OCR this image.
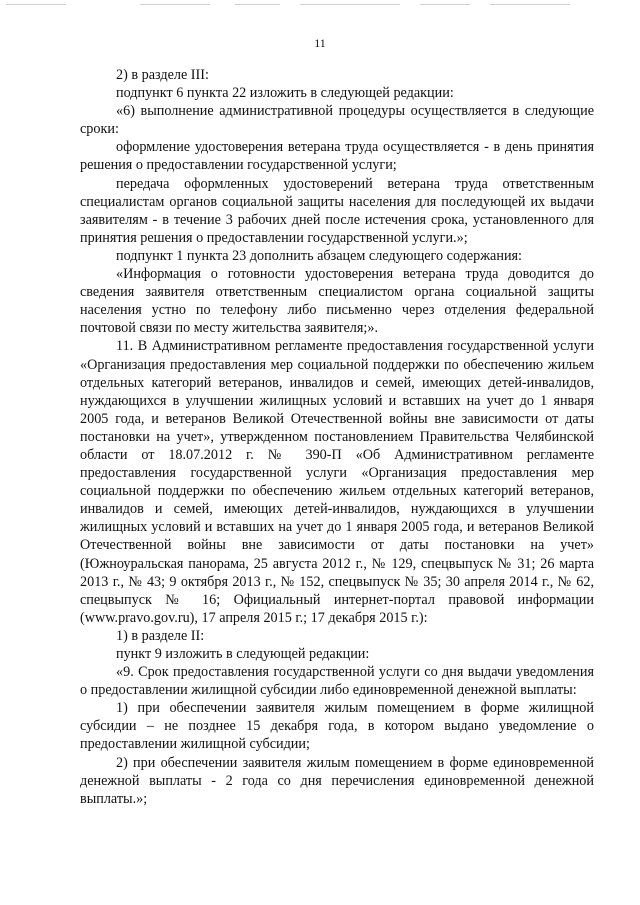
11

2) в разделе III:

подпункт 6 пункта 22 изложить в следующей редакции:

«6) выполнение административной процедуры осуществляется в следующие сроки:

оформление удостоверения ветерана труда осуществляется - в день принятия решения о предоставлении государственной услуги;

передача оформленных удостоверений ветерана труда ответственным специалистам органов социальной защиты населения для последующей их выдачи заявителям - в течение 3 рабочих дней после истечения срока, установленного для принятия решения о предоставлении государственной услуги.»;

подпункт 1 пункта 23 дополнить абзацем следующего содержания:

«Информация о готовности удостоверения ветерана труда доводится до сведения заявителя ответственным специалистом органа социальной защиты населения устно по телефону либо письменно через отделения федеральной почтовой связи по месту жительства заявителя;».

11. В Административном регламенте предоставления государственной услуги «Организация предоставления мер социальной поддержки по обеспечению жильем отдельных категорий ветеранов, инвалидов и семей, имеющих детей-инвалидов, нуждающихся в улучшении жилищных условий и вставших на учет до 1 января 2005 года, и ветеранов Великой Отечественной войны вне зависимости от даты постановки на учет», утвержденном постановлением Правительства Челябинской области от 18.07.2012 г. № 390-П «Об Административном регламенте предоставления государственной услуги «Организация предоставления мер социальной поддержки по обеспечению жильем отдельных категорий ветеранов, инвалидов и семей, имеющих детей-инвалидов, нуждающихся в улучшении жилищных условий и вставших на учет до 1 января 2005 года, и ветеранов Великой Отечественной войны вне зависимости от даты постановки на учет» (Южноуральская панорама, 25 августа 2012 г., № 129, спецвыпуск № 31; 26 марта 2013 г., № 43; 9 октября 2013 г., № 152, спецвыпуск № 35; 30 апреля 2014 г., № 62, спецвыпуск № 16; Официальный интернет-портал правовой информации (www.pravo.gov.ru), 17 апреля 2015 г.; 17 декабря 2015 г.):

1) в разделе II:

пункт 9 изложить в следующей редакции:

«9. Срок предоставления государственной услуги со дня выдачи уведомления о предоставлении жилищной субсидии либо единовременной денежной выплаты:

1) при обеспечении заявителя жилым помещением в форме жилищной субсидии – не позднее 15 декабря года, в котором выдано уведомление о предоставлении жилищной субсидии;

2) при обеспечении заявителя жилым помещением в форме единовременной денежной выплаты - 2 года со дня перечисления единовременной денежной выплаты.»;
